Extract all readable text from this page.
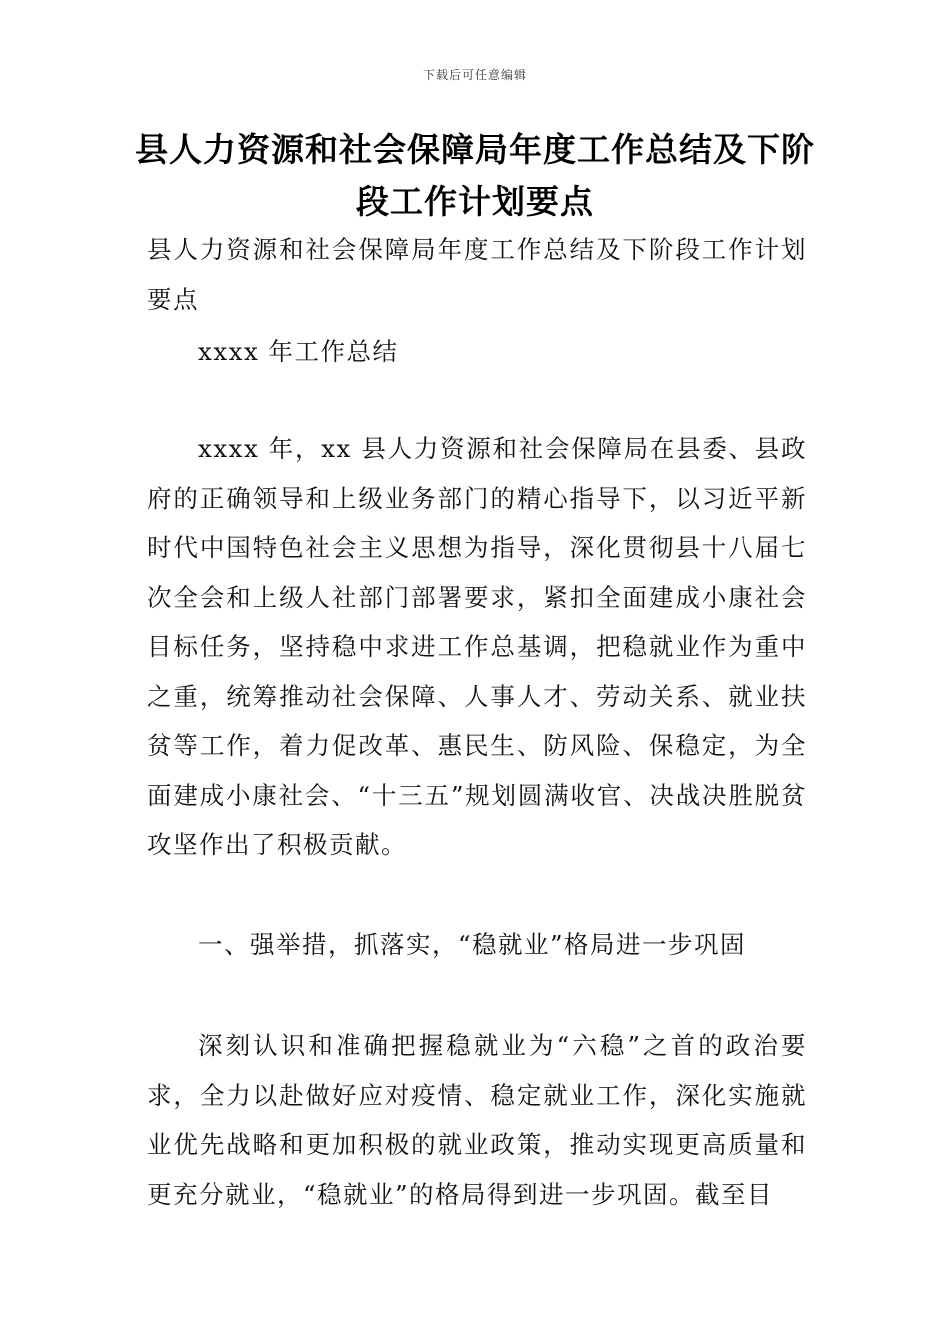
下载后可任意编辑
县人力资源和社会保障局年度工作总结及下阶段工作计划要点

县人力资源和社会保障局年度工作总结及下阶段工作计划要点

xxxx 年工作总结

xxxx 年，xx 县人力资源和社会保障局在县委、县政府的正确领导和上级业务部门的精心指导下，以习近平新时代中国特色社会主义思想为指导，深化贯彻县十八届七次全会和上级人社部门部署要求，紧扣全面建成小康社会目标任务，坚持稳中求进工作总基调，把稳就业作为重中之重，统筹推动社会保障、人事人才、劳动关系、就业扶贫等工作，着力促改革、惠民生、防风险、保稳定，为全面建成小康社会、“十三五”规划圆满收官、决战决胜脱贫攻坚作出了积极贡献。

一、强举措，抓落实，“稳就业”格局进一步巩固

深刻认识和准确把握稳就业为“六稳”之首的政治要求，全力以赴做好应对疫情、稳定就业工作，深化实施就业优先战略和更加积极的就业政策，推动实现更高质量和更充分就业，“稳就业”的格局得到进一步巩固。截至目
